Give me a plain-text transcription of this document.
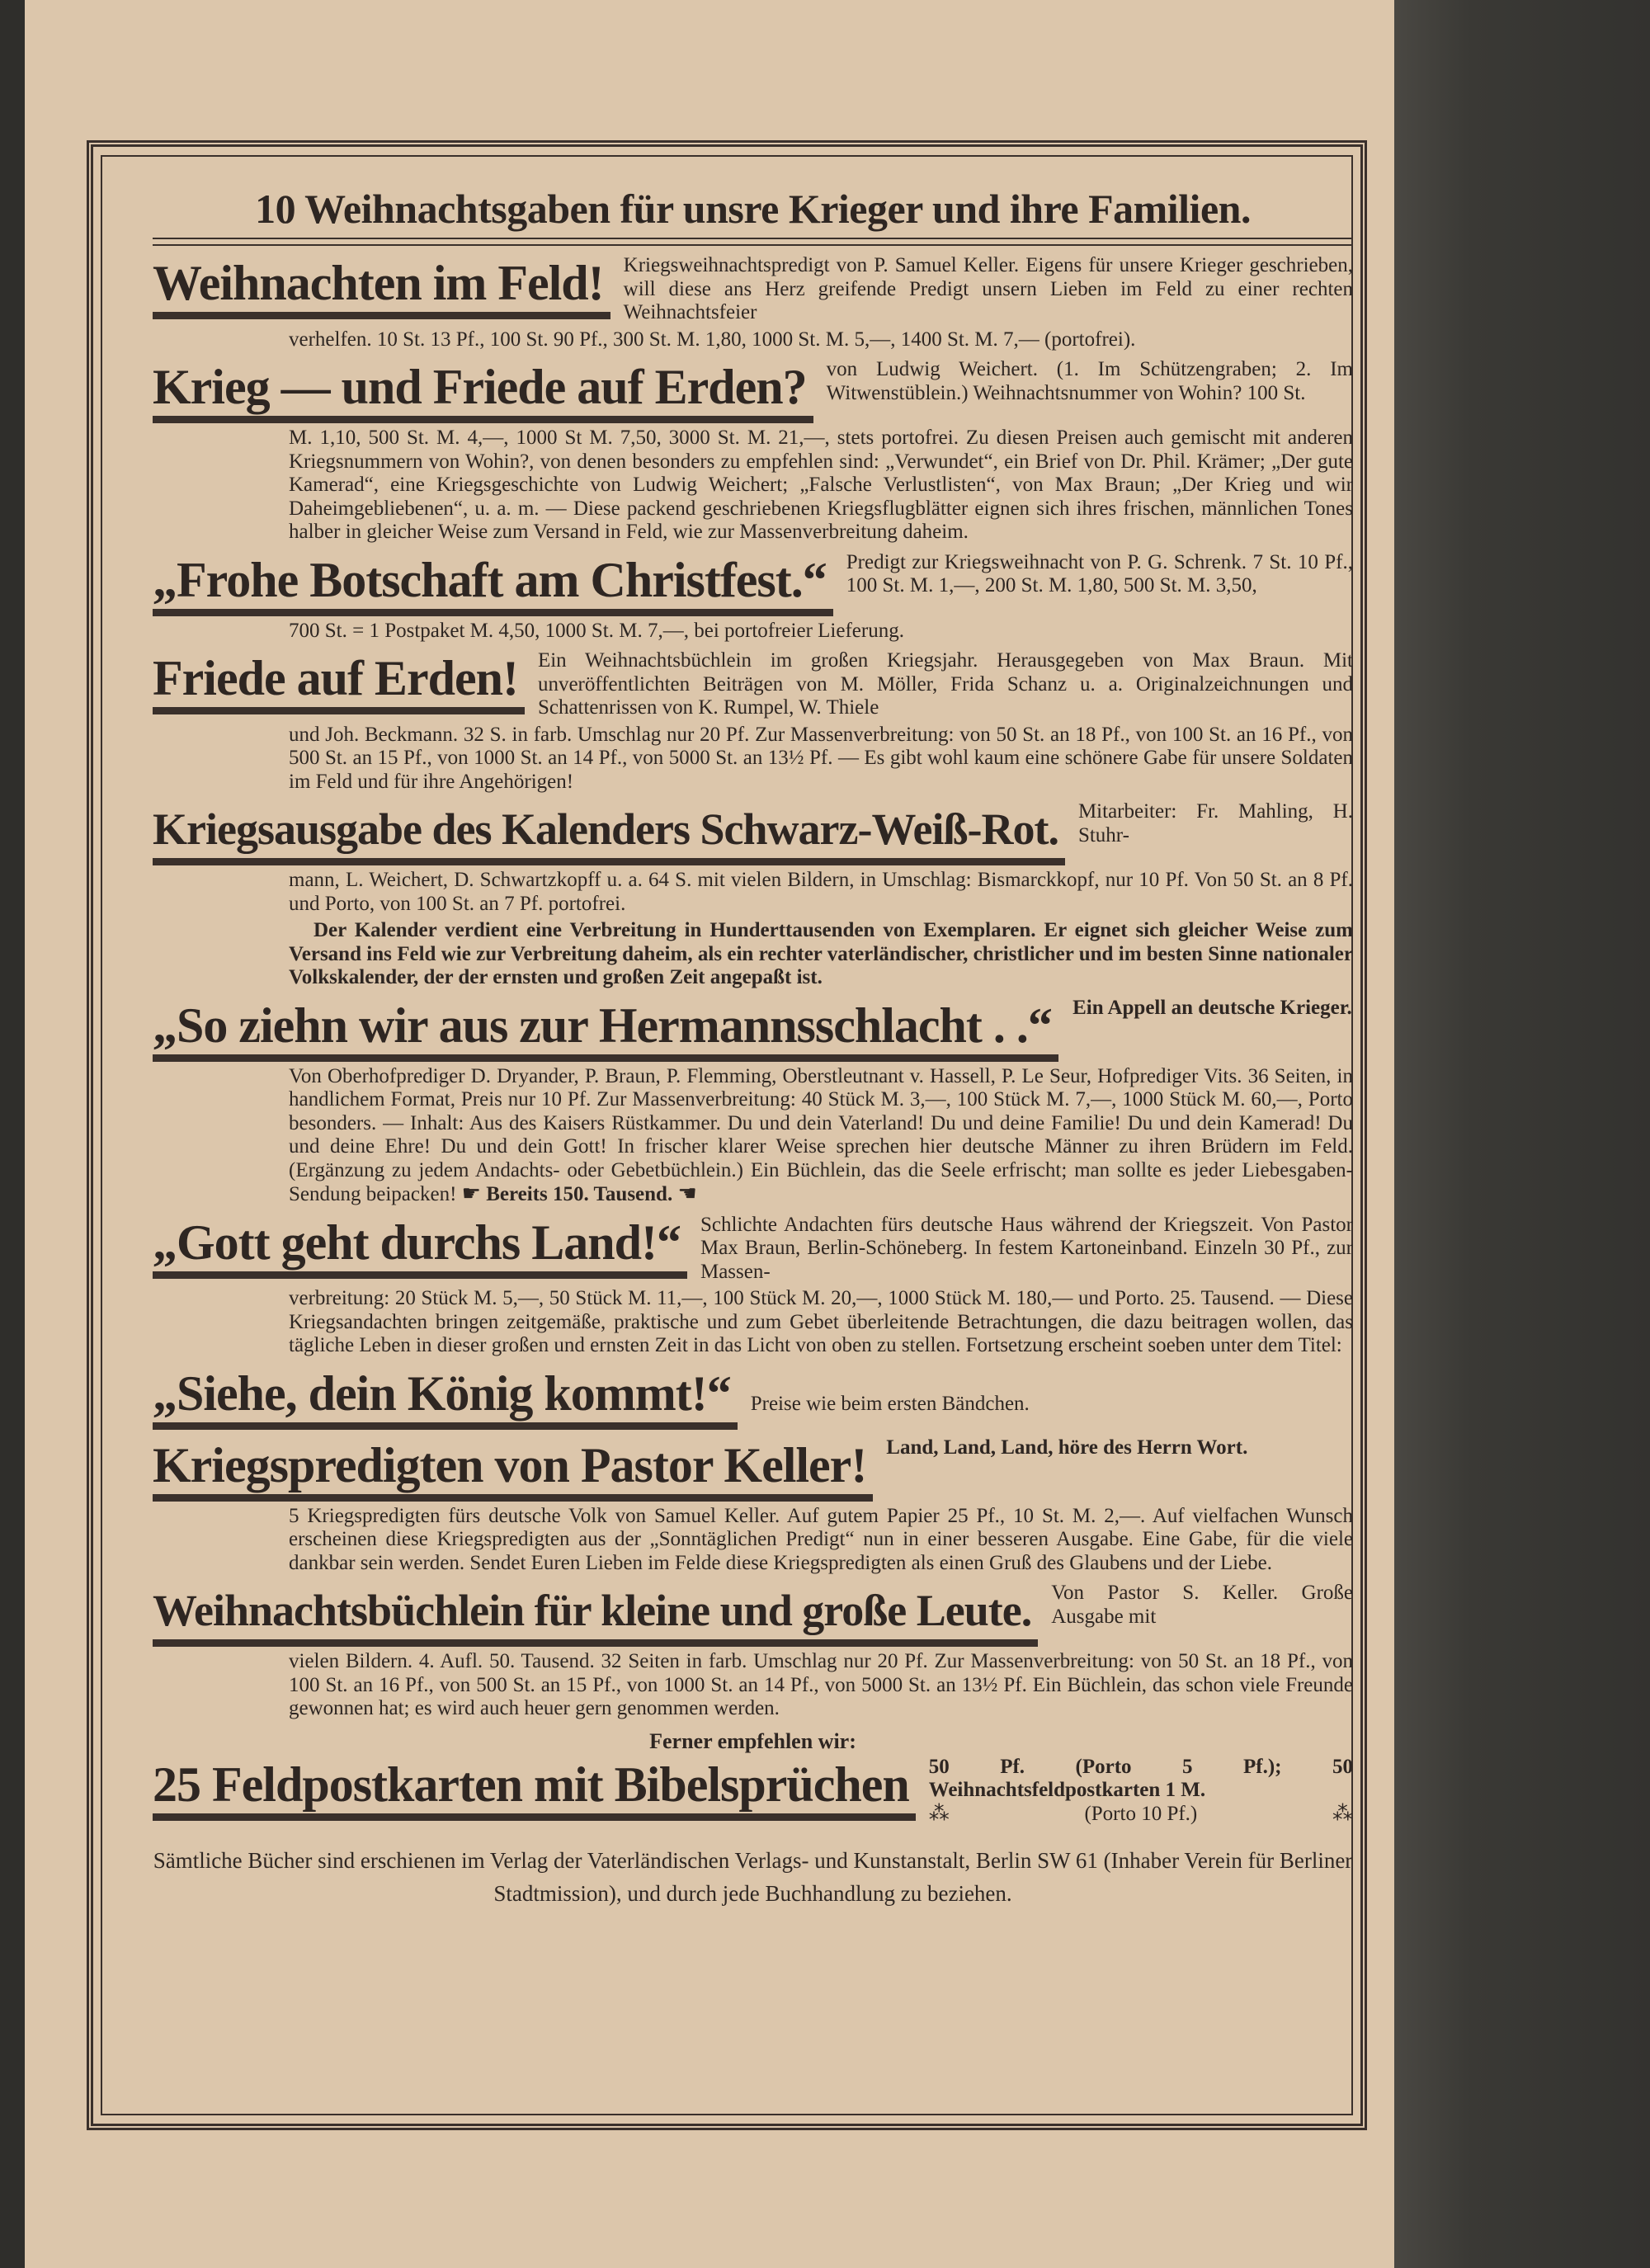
10 Weihnachtsgaben für unsre Krieger und ihre Familien.
Weihnachten im Feld! Kriegsweihnachtspredigt von P. Samuel Keller. Eigens für unsere Krieger geschrieben, will diese ans Herz greifende Predigt unsern Lieben im Feld zu einer rechten Weihnachtsfeier
verhelfen. 10 St. 13 Pf., 100 St. 90 Pf., 300 St. M. 1,80, 1000 St. M. 5,—, 1400 St. M. 7,— (portofrei).
Krieg — und Friede auf Erden? von Ludwig Weichert. (1. Im Schützengraben; 2. Im Witwenstüblein.) Weihnachtsnummer von Wohin? 100 St.
M. 1,10, 500 St. M. 4,—, 1000 St M. 7,50, 3000 St. M. 21,—, stets portofrei. Zu diesen Preisen auch gemischt mit anderen Kriegsnummern von Wohin?, von denen besonders zu empfehlen sind: „Verwundet“, ein Brief von Dr. Phil. Krämer; „Der gute Kamerad“, eine Kriegsgeschichte von Ludwig Weichert; „Falsche Verlustlisten“, von Max Braun; „Der Krieg und wir Daheimgebliebenen“, u. a. m. — Diese packend geschriebenen Kriegsflugblätter eignen sich ihres frischen, männlichen Tones halber in gleicher Weise zum Versand in Feld, wie zur Massenverbreitung daheim.
„Frohe Botschaft am Christfest.“ Predigt zur Kriegsweihnacht von P. G. Schrenk. 7 St. 10 Pf., 100 St. M. 1,—, 200 St. M. 1,80, 500 St. M. 3,50,
700 St. = 1 Postpaket M. 4,50, 1000 St. M. 7,—, bei portofreier Lieferung.
Friede auf Erden! Ein Weihnachtsbüchlein im großen Kriegsjahr. Herausgegeben von Max Braun. Mit unveröffentlichten Beiträgen von M. Möller, Frida Schanz u. a. Originalzeichnungen und Schattenrissen von K. Rumpel, W. Thiele
und Joh. Beckmann. 32 S. in farb. Umschlag nur 20 Pf. Zur Massenverbreitung: von 50 St. an 18 Pf., von 100 St. an 16 Pf., von 500 St. an 15 Pf., von 1000 St. an 14 Pf., von 5000 St. an 13½ Pf. — Es gibt wohl kaum eine schönere Gabe für unsere Soldaten im Feld und für ihre Angehörigen!
Kriegsausgabe des Kalenders Schwarz-Weiß-Rot. Mitarbeiter: Fr. Mahling, H. Stuhr-
mann, L. Weichert, D. Schwartzkopff u. a. 64 S. mit vielen Bildern, in Umschlag: Bismarckkopf, nur 10 Pf. Von 50 St. an 8 Pf. und Porto, von 100 St. an 7 Pf. portofrei.
Der Kalender verdient eine Verbreitung in Hunderttausenden von Exemplaren. Er eignet sich gleicher Weise zum Versand ins Feld wie zur Verbreitung daheim, als ein rechter vaterländischer, christlicher und im besten Sinne nationaler Volkskalender, der der ernsten und großen Zeit angepaßt ist.
„So ziehn wir aus zur Hermannsschlacht . .“	Ein Appell an deutsche Krieger.
Von Oberhofprediger D. Dryander, P. Braun, P. Flemming, Oberstleutnant v. Hassell, P. Le Seur, Hofprediger Vits. 36 Seiten, in handlichem Format, Preis nur 10 Pf. Zur Massenverbreitung: 40 Stück M. 3,—, 100 Stück M. 7,—, 1000 Stück M. 60,—, Porto besonders. — Inhalt: Aus des Kaisers Rüstkammer. Du und dein Vaterland! Du und deine Familie! Du und dein Kamerad! Du und deine Ehre! Du und dein Gott! In frischer klarer Weise sprechen hier deutsche Männer zu ihren Brüdern im Feld. (Ergänzung zu jedem Andachts- oder Gebetbüchlein.) Ein Büchlein, das die Seele erfrischt; man sollte es jeder Liebesgaben-Sendung beipacken! ☛ Bereits 150. Tausend. ☚
„Gott geht durchs Land!“ Schlichte Andachten fürs deutsche Haus während der Kriegszeit. Von Pastor Max Braun, Berlin-Schöneberg. In festem Kartoneinband. Einzeln 30 Pf., zur Massen-
verbreitung: 20 Stück M. 5,—, 50 Stück M. 11,—, 100 Stück M. 20,—, 1000 Stück M. 180,— und Porto. 25. Tausend. — Diese Kriegsandachten bringen zeitgemäße, praktische und zum Gebet überleitende Betrachtungen, die dazu beitragen wollen, das tägliche Leben in dieser großen und ernsten Zeit in das Licht von oben zu stellen. Fortsetzung erscheint soeben unter dem Titel:
„Siehe, dein König kommt!“ Preise wie beim ersten Bändchen.
Kriegspredigten von Pastor Keller! Land, Land, Land, höre des Herrn Wort.
5 Kriegspredigten fürs deutsche Volk von Samuel Keller. Auf gutem Papier 25 Pf., 10 St. M. 2,—. Auf vielfachen Wunsch erscheinen diese Kriegspredigten aus der „Sonntäglichen Predigt“ nun in einer besseren Ausgabe. Eine Gabe, für die viele dankbar sein werden. Sendet Euren Lieben im Felde diese Kriegspredigten als einen Gruß des Glaubens und der Liebe.
Weihnachtsbüchlein für kleine und große Leute. Von Pastor S. Keller. Große Ausgabe mit
vielen Bildern. 4. Aufl. 50. Tausend. 32 Seiten in farb. Umschlag nur 20 Pf. Zur Massenverbreitung: von 50 St. an 18 Pf., von 100 St. an 16 Pf., von 500 St. an 15 Pf., von 1000 St. an 14 Pf., von 5000 St. an 13½ Pf. Ein Büchlein, das schon viele Freunde gewonnen hat; es wird auch heuer gern genommen werden.
Ferner empfehlen wir:
25 Feldpostkarten mit Bibelsprüchen 50 Pf. (Porto 5 Pf.); 50 Weihnachtsfeldpostkarten 1 M.
⁂	(Porto 10 Pf.)	⁂
Sämtliche Bücher sind erschienen im Verlag der Vaterländischen Verlags- und Kunstanstalt, Berlin SW 61 (Inhaber Verein für Berliner Stadtmission), und durch jede Buchhandlung zu beziehen.
